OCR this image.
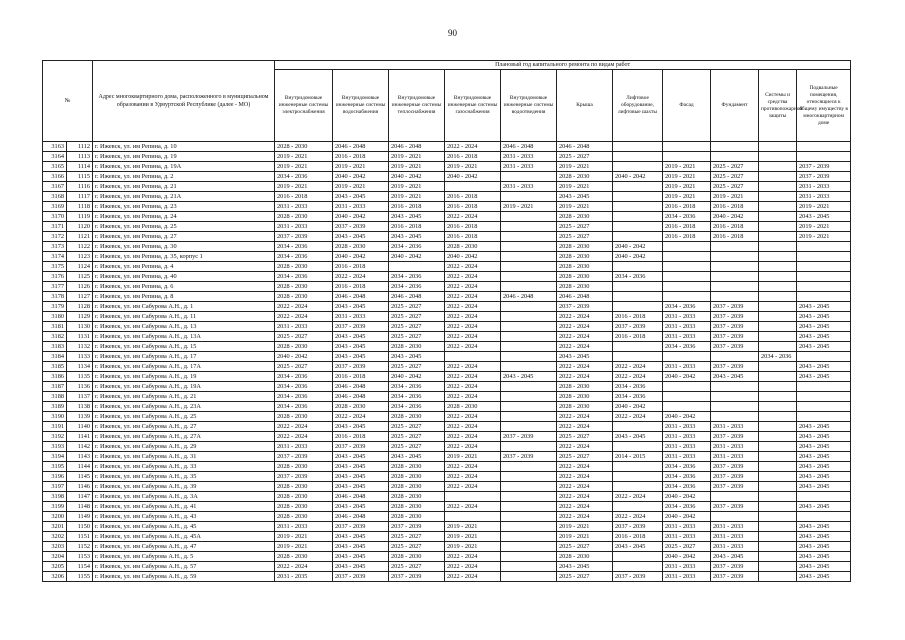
90
№		Адрес многоквартирного дома, расположенного в муниципальном образовании в Удмуртской Республике (далее - МО)	Плановый год капитального ремонта по видам работ										
			Внутридомовые инженерные системы электроснабжения	Внутридомовые инженерные системы водоснабжения	Внутридомовые инженерные системы теплоснабжения	Внутридомовые инженерные системы газоснабжения	Внутридомовые инженерные системы водоотведения	Крыша	Лифтовое оборудование, лифтовые шахты	Фасад	Фундамент	Системы и средства противопожарной защиты	Подвальные помещения, относящиеся к общему имуществу в многоквартирном доме
3163	1112	г. Ижевск, ул. им Репина, д. 10	2028 - 2030	2046 - 2048	2046 - 2048	2022 - 2024	2046 - 2048	2046 - 2048					
3164	1113	г. Ижевск, ул. им Репина, д. 19	2019 - 2021	2016 - 2018	2019 - 2021	2016 - 2018	2031 - 2033	2025 - 2027					
3165	1114	г. Ижевск, ул. им Репина, д. 19А	2019 - 2021	2019 - 2021	2019 - 2021	2019 - 2021	2031 - 2033	2019 - 2021		2019 - 2021	2025 - 2027		2037 - 2039
3166	1115	г. Ижевск, ул. им Репина, д. 2	2034 - 2036	2040 - 2042	2040 - 2042	2040 - 2042		2028 - 2030	2040 - 2042	2019 - 2021	2025 - 2027		2037 - 2039
3167	1116	г. Ижевск, ул. им Репина, д. 21	2019 - 2021	2019 - 2021	2019 - 2021		2031 - 2033	2019 - 2021		2019 - 2021	2025 - 2027		2031 - 2033
3168	1117	г. Ижевск, ул. им Репина, д. 21А	2016 - 2018	2043 - 2045	2019 - 2021	2016 - 2018		2043 - 2045		2019 - 2021	2019 - 2021		2031 - 2033
3169	1118	г. Ижевск, ул. им Репина, д. 23	2031 - 2033	2031 - 2033	2016 - 2018	2016 - 2018	2019 - 2021	2019 - 2021		2016 - 2018	2016 - 2018		2019 - 2021
3170	1119	г. Ижевск, ул. им Репина, д. 24	2028 - 2030	2040 - 2042	2043 - 2045	2022 - 2024		2028 - 2030		2034 - 2036	2040 - 2042		2043 - 2045
3171	1120	г. Ижевск, ул. им Репина, д. 25	2031 - 2033	2037 - 2039	2016 - 2018	2016 - 2018		2025 - 2027		2016 - 2018	2016 - 2018		2019 - 2021
3172	1121	г. Ижевск, ул. им Репина, д. 27	2037 - 2039	2043 - 2045	2043 - 2045	2016 - 2018		2025 - 2027		2016 - 2018	2016 - 2018		2019 - 2021
3173	1122	г. Ижевск, ул. им Репина, д. 30	2034 - 2036	2028 - 2030	2034 - 2036	2028 - 2030		2028 - 2030	2040 - 2042				
3174	1123	г. Ижевск, ул. им Репина, д. 35, корпус 1	2034 - 2036	2040 - 2042	2040 - 2042	2040 - 2042		2028 - 2030	2040 - 2042				
3175	1124	г. Ижевск, ул. им Репина, д. 4	2028 - 2030	2016 - 2018		2022 - 2024		2028 - 2030					
3176	1125	г. Ижевск, ул. им Репина, д. 40	2034 - 2036	2022 - 2024	2034 - 2036	2022 - 2024		2028 - 2030	2034 - 2036				
3177	1126	г. Ижевск, ул. им Репина, д. 6	2028 - 2030	2016 - 2018	2034 - 2036	2022 - 2024		2028 - 2030					
3178	1127	г. Ижевск, ул. им Репина, д. 8	2028 - 2030	2046 - 2048	2046 - 2048	2022 - 2024	2046 - 2048	2046 - 2048					
3179	1128	г. Ижевск, ул. им Сабурова А.Н., д. 1	2022 - 2024	2043 - 2045	2025 - 2027	2022 - 2024		2037 - 2039		2034 - 2036	2037 - 2039		2043 - 2045
3180	1129	г. Ижевск, ул. им Сабурова А.Н., д. 11	2022 - 2024	2031 - 2033	2025 - 2027	2022 - 2024		2022 - 2024	2016 - 2018	2031 - 2033	2037 - 2039		2043 - 2045
3181	1130	г. Ижевск, ул. им Сабурова А.Н., д. 13	2031 - 2033	2037 - 2039	2025 - 2027	2022 - 2024		2022 - 2024	2037 - 2039	2031 - 2033	2037 - 2039		2043 - 2045
3182	1131	г. Ижевск, ул. им Сабурова А.Н., д. 13А	2025 - 2027	2043 - 2045	2025 - 2027	2022 - 2024		2022 - 2024	2016 - 2018	2031 - 2033	2037 - 2039		2043 - 2045
3183	1132	г. Ижевск, ул. им Сабурова А.Н., д. 15	2028 - 2030	2043 - 2045	2028 - 2030	2022 - 2024		2022 - 2024		2034 - 2036	2037 - 2039		2043 - 2045
3184	1133	г. Ижевск, ул. им Сабурова А.Н., д. 17	2040 - 2042	2043 - 2045	2043 - 2045			2043 - 2045				2034 - 2036	
3185	1134	г. Ижевск, ул. им Сабурова А.Н., д. 17А	2025 - 2027	2037 - 2039	2025 - 2027	2022 - 2024		2022 - 2024	2022 - 2024	2031 - 2033	2037 - 2039		2043 - 2045
3186	1135	г. Ижевск, ул. им Сабурова А.Н., д. 19	2034 - 2036	2016 - 2018	2040 - 2042	2022 - 2024	2043 - 2045	2022 - 2024	2022 - 2024	2040 - 2042	2043 - 2045		2043 - 2045
3187	1136	г. Ижевск, ул. им Сабурова А.Н., д. 19А	2034 - 2036	2046 - 2048	2034 - 2036	2022 - 2024		2028 - 2030	2034 - 2036				
3188	1137	г. Ижевск, ул. им Сабурова А.Н., д. 21	2034 - 2036	2046 - 2048	2034 - 2036	2022 - 2024		2028 - 2030	2034 - 2036				
3189	1138	г. Ижевск, ул. им Сабурова А.Н., д. 23А	2034 - 2036	2028 - 2030	2034 - 2036	2028 - 2030		2028 - 2030	2040 - 2042				
3190	1139	г. Ижевск, ул. им Сабурова А.Н., д. 25	2028 - 2030	2022 - 2024	2028 - 2030	2022 - 2024		2022 - 2024	2022 - 2024	2040 - 2042			
3191	1140	г. Ижевск, ул. им Сабурова А.Н., д. 27	2022 - 2024	2043 - 2045	2025 - 2027	2022 - 2024		2022 - 2024		2031 - 2033	2031 - 2033		2043 - 2045
3192	1141	г. Ижевск, ул. им Сабурова А.Н., д. 27А	2022 - 2024	2016 - 2018	2025 - 2027	2022 - 2024	2037 - 2039	2025 - 2027	2043 - 2045	2031 - 2033	2037 - 2039		2043 - 2045
3193	1142	г. Ижевск, ул. им Сабурова А.Н., д. 29	2031 - 2033	2037 - 2039	2025 - 2027	2022 - 2024		2022 - 2024		2031 - 2033	2031 - 2033		2043 - 2045
3194	1143	г. Ижевск, ул. им Сабурова А.Н., д. 31	2037 - 2039	2043 - 2045	2043 - 2045	2019 - 2021	2037 - 2039	2025 - 2027	2014 - 2015	2031 - 2033	2031 - 2033		2043 - 2045
3195	1144	г. Ижевск, ул. им Сабурова А.Н., д. 33	2028 - 2030	2043 - 2045	2028 - 2030	2022 - 2024		2022 - 2024		2034 - 2036	2037 - 2039		2043 - 2045
3196	1145	г. Ижевск, ул. им Сабурова А.Н., д. 35	2037 - 2039	2043 - 2045	2028 - 2030	2022 - 2024		2022 - 2024		2034 - 2036	2037 - 2039		2043 - 2045
3197	1146	г. Ижевск, ул. им Сабурова А.Н., д. 39	2028 - 2030	2043 - 2045	2028 - 2030	2022 - 2024		2022 - 2024		2034 - 2036	2037 - 2039		2043 - 2045
3198	1147	г. Ижевск, ул. им Сабурова А.Н., д. 3А	2028 - 2030	2046 - 2048	2028 - 2030			2022 - 2024	2022 - 2024	2040 - 2042			
3199	1148	г. Ижевск, ул. им Сабурова А.Н., д. 41	2028 - 2030	2043 - 2045	2028 - 2030	2022 - 2024		2022 - 2024		2034 - 2036	2037 - 2039		2043 - 2045
3200	1149	г. Ижевск, ул. им Сабурова А.Н., д. 43	2028 - 2030	2046 - 2048	2028 - 2030			2022 - 2024	2022 - 2024	2040 - 2042			
3201	1150	г. Ижевск, ул. им Сабурова А.Н., д. 45	2031 - 2033	2037 - 2039	2037 - 2039	2019 - 2021		2019 - 2021	2037 - 2039	2031 - 2033	2031 - 2033		2043 - 2045
3202	1151	г. Ижевск, ул. им Сабурова А.Н., д. 45А	2019 - 2021	2043 - 2045	2025 - 2027	2019 - 2021		2019 - 2021	2016 - 2018	2031 - 2033	2031 - 2033		2043 - 2045
3203	1152	г. Ижевск, ул. им Сабурова А.Н., д. 47	2019 - 2021	2043 - 2045	2025 - 2027	2019 - 2021		2025 - 2027	2043 - 2045	2025 - 2027	2031 - 2033		2043 - 2045
3204	1153	г. Ижевск, ул. им Сабурова А.Н., д. 5	2028 - 2030	2043 - 2045	2028 - 2030	2022 - 2024		2028 - 2030		2040 - 2042	2043 - 2045		2043 - 2045
3205	1154	г. Ижевск, ул. им Сабурова А.Н., д. 57	2022 - 2024	2043 - 2045	2025 - 2027	2022 - 2024		2043 - 2045		2031 - 2033	2037 - 2039		2043 - 2045
3206	1155	г. Ижевск, ул. им Сабурова А.Н., д. 59	2031 - 2035	2037 - 2039	2037 - 2039	2022 - 2024		2025 - 2027	2037 - 2039	2031 - 2033	2037 - 2039		2043 - 2045
